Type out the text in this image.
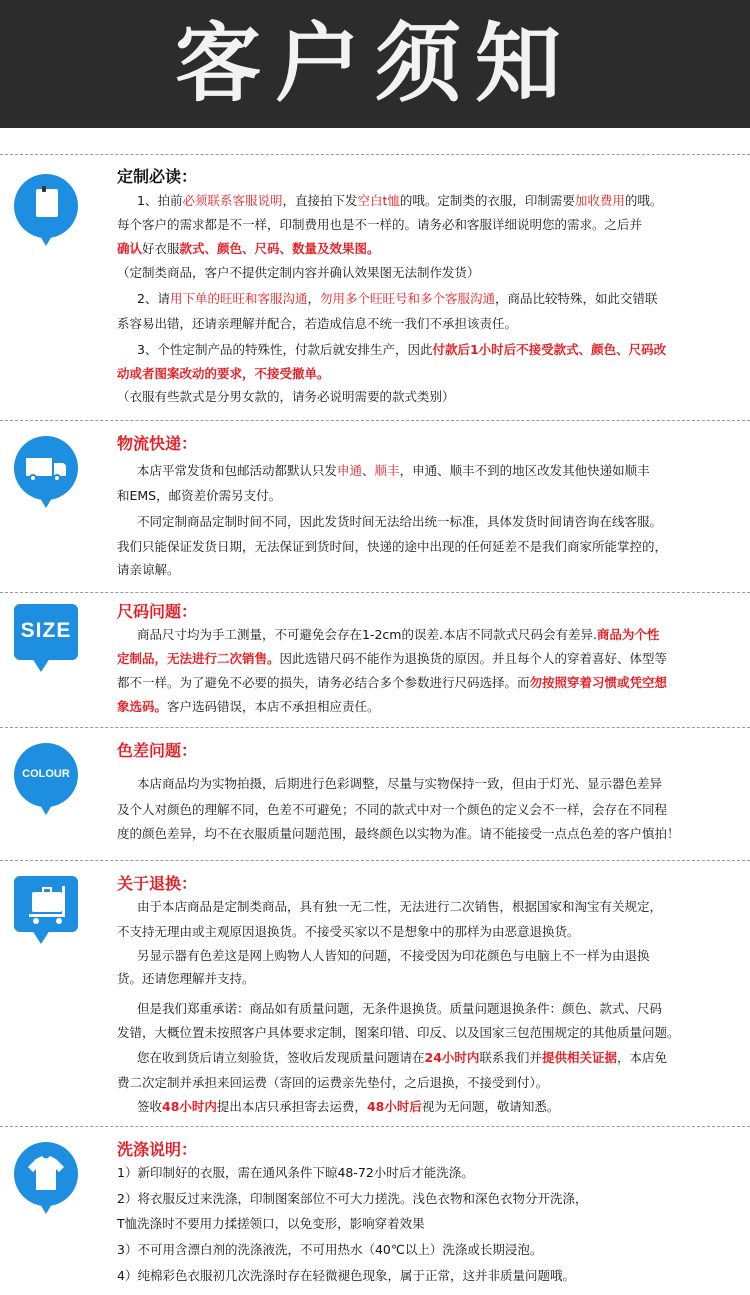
客户须知
定制必读：
1、拍前必须联系客服说明，直接拍下发空白t恤的哦。定制类的衣服，印制需要加收费用的哦。
每个客户的需求都是不一样，印制费用也是不一样的。请务必和客服详细说明您的需求。之后并
确认好衣服款式、颜色、尺码、数量及效果图。
（定制类商品，客户不提供定制内容并确认效果图无法制作发货）
2、请用下单的旺旺和客服沟通，勿用多个旺旺号和多个客服沟通，商品比较特殊，如此交错联
系容易出错，还请亲理解并配合，若造成信息不统一我们不承担该责任。
3、个性定制产品的特殊性，付款后就安排生产，因此付款后1小时后不接受款式、颜色、尺码改
动或者图案改动的要求，不接受撤单。
（衣服有些款式是分男女款的，请务必说明需要的款式类别）
物流快递：
本店平常发货和包邮活动都默认只发申通、顺丰，申通、顺丰不到的地区改发其他快递如顺丰
和EMS，邮资差价需另支付。
不同定制商品定制时间不同，因此发货时间无法给出统一标准，具体发货时间请咨询在线客服。
我们只能保证发货日期，无法保证到货时间，快递的途中出现的任何延差不是我们商家所能掌控的，
请亲谅解。
SIZE
尺码问题：
商品尺寸均为手工测量，不可避免会存在1-2cm的误差.本店不同款式尺码会有差异.商品为个性
定制品，无法进行二次销售。因此选错尺码不能作为退换货的原因。并且每个人的穿着喜好、体型等
都不一样。为了避免不必要的损失，请务必结合多个参数进行尺码选择。而勿按照穿着习惯或凭空想
象选码。客户选码错误，本店不承担相应责任。
COLOUR
色差问题：
本店商品均为实物拍摄，后期进行色彩调整，尽量与实物保持一致，但由于灯光、显示器色差异
及个人对颜色的理解不同，色差不可避免；不同的款式中对一个颜色的定义会不一样，会存在不同程
度的颜色差异，均不在衣服质量问题范围，最终颜色以实物为准。请不能接受一点点色差的客户慎拍！
关于退换：
由于本店商品是定制类商品，具有独一无二性，无法进行二次销售，根据国家和淘宝有关规定，
不支持无理由或主观原因退换货。不接受买家以不是想象中的那样为由恶意退换货。
另显示器有色差这是网上购物人人皆知的问题，不接受因为印花颜色与电脑上不一样为由退换
货。还请您理解并支持。
但是我们郑重承诺：商品如有质量问题，无条件退换货。质量问题退换条件：颜色、款式、尺码
发错，大概位置未按照客户具体要求定制，图案印错、印反、以及国家三包范围规定的其他质量问题。
您在收到货后请立刻验货，签收后发现质量问题请在24小时内联系我们并提供相关证据，本店免
费二次定制并承担来回运费（寄回的运费亲先垫付，之后退换，不接受到付）。
签收48小时内提出本店只承担寄去运费，48小时后视为无问题，敬请知悉。
洗涤说明：
1）新印制好的衣服，需在通风条件下晾48-72小时后才能洗涤。
2）将衣服反过来洗涤，印制图案部位不可大力搓洗。浅色衣物和深色衣物分开洗涤，
T恤洗涤时不要用力揉搓领口，以免变形，影响穿着效果
3）不可用含漂白剂的洗涤液洗，不可用热水（40℃以上）洗涤或长期浸泡。
4）纯棉彩色衣服初几次洗涤时存在轻微褪色现象，属于正常，这并非质量问题哦。
